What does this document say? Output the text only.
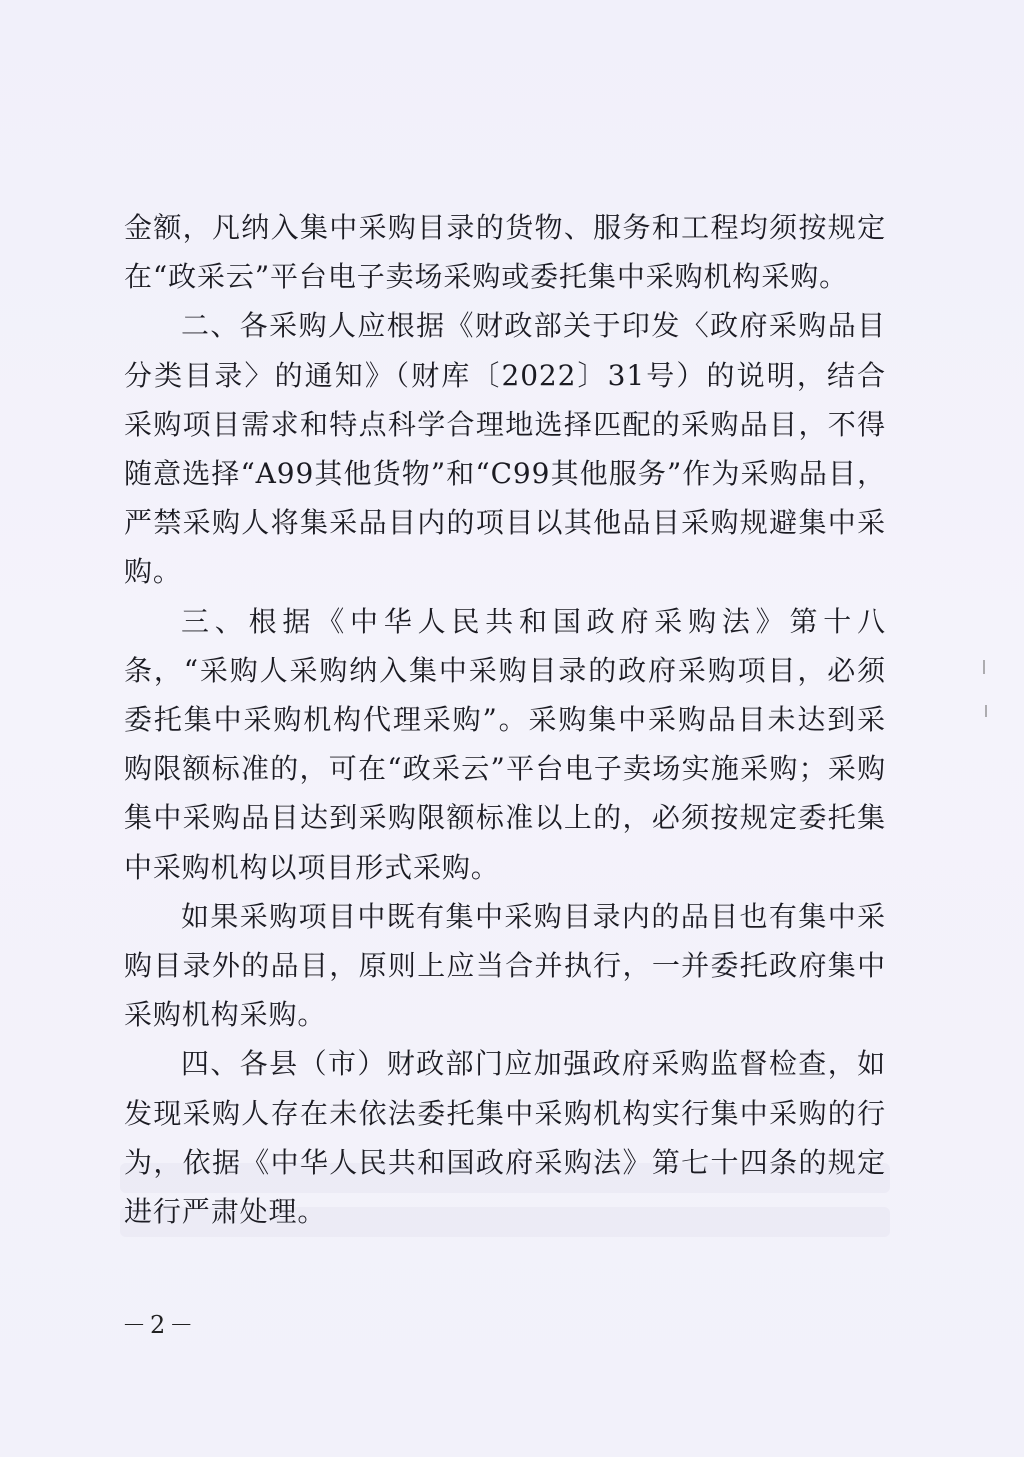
金额，凡纳入集中采购目录的货物、服务和工程均须按规定在“政采云”平台电子卖场采购或委托集中采购机构采购。

二、各采购人应根据《财政部关于印发〈政府采购品目分类目录〉的通知》（财库〔2022〕31号）的说明，结合采购项目需求和特点科学合理地选择匹配的采购品目，不得随意选择“A99其他货物”和“C99其他服务”作为采购品目，严禁采购人将集采品目内的项目以其他品目采购规避集中采购。

三、根据《中华人民共和国政府采购法》第十八条，“采购人采购纳入集中采购目录的政府采购项目，必须委托集中采购机构代理采购”。采购集中采购品目未达到采购限额标准的，可在“政采云”平台电子卖场实施采购；采购集中采购品目达到采购限额标准以上的，必须按规定委托集中采购机构以项目形式采购。

如果采购项目中既有集中采购目录内的品目也有集中采购目录外的品目，原则上应当合并执行，一并委托政府集中采购机构采购。

四、各县（市）财政部门应加强政府采购监督检查，如发现采购人存在未依法委托集中采购机构实行集中采购的行为，依据《中华人民共和国政府采购法》第七十四条的规定进行严肃处理。

－2－
